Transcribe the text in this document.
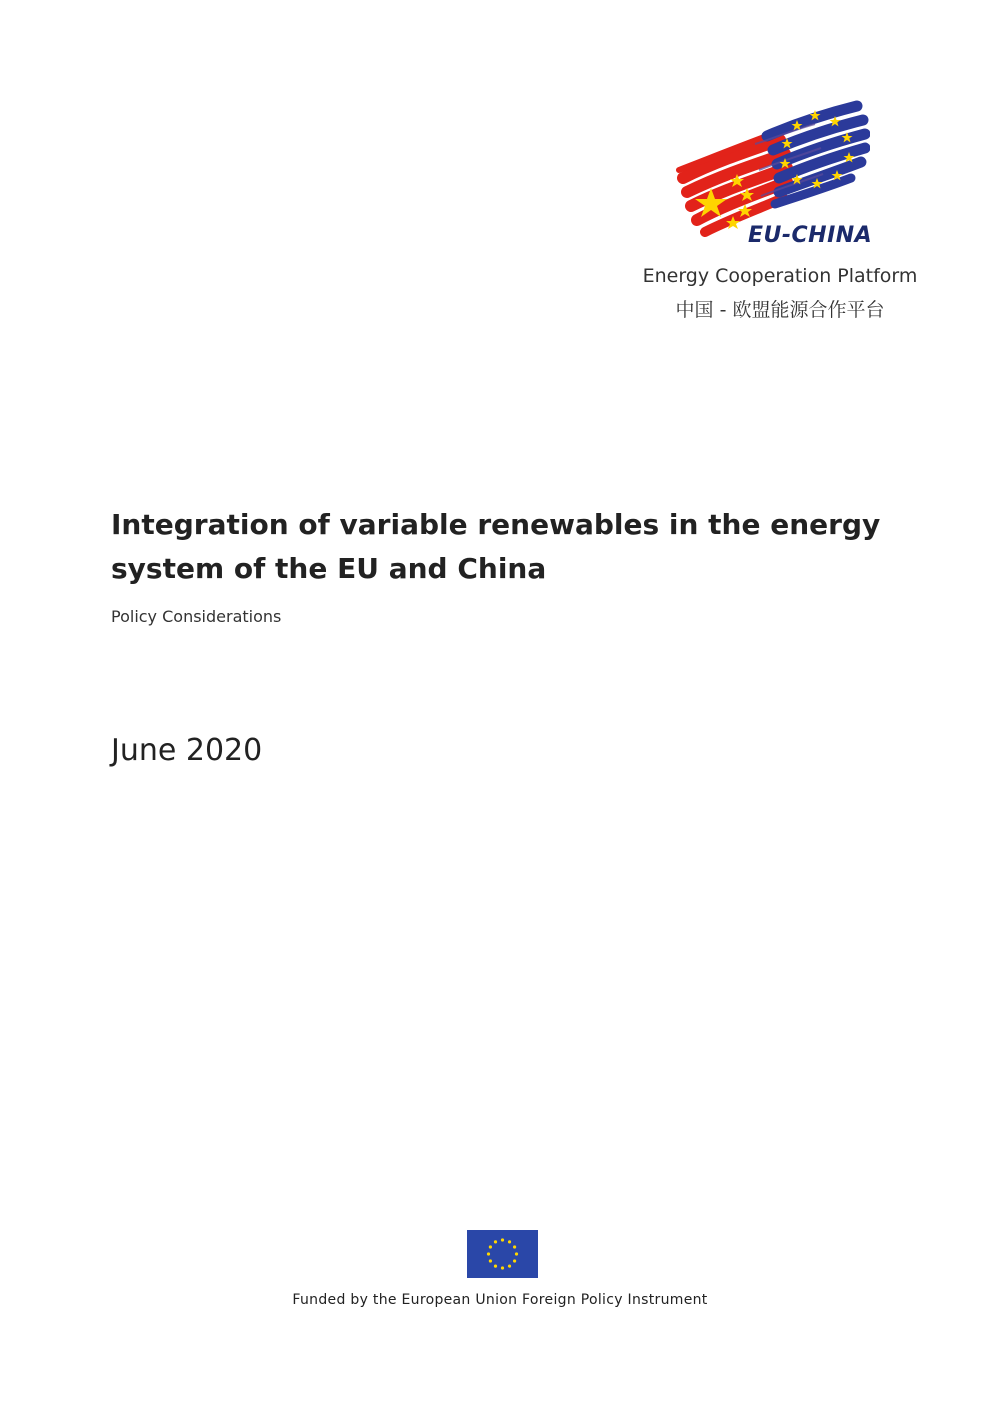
EU-CHINA
Energy Cooperation Platform
中国 - 欧盟能源合作平台
Integration of variable renewables in the energy system of the EU and China
Policy Considerations
June 2020
Funded by the European Union Foreign Policy Instrument
